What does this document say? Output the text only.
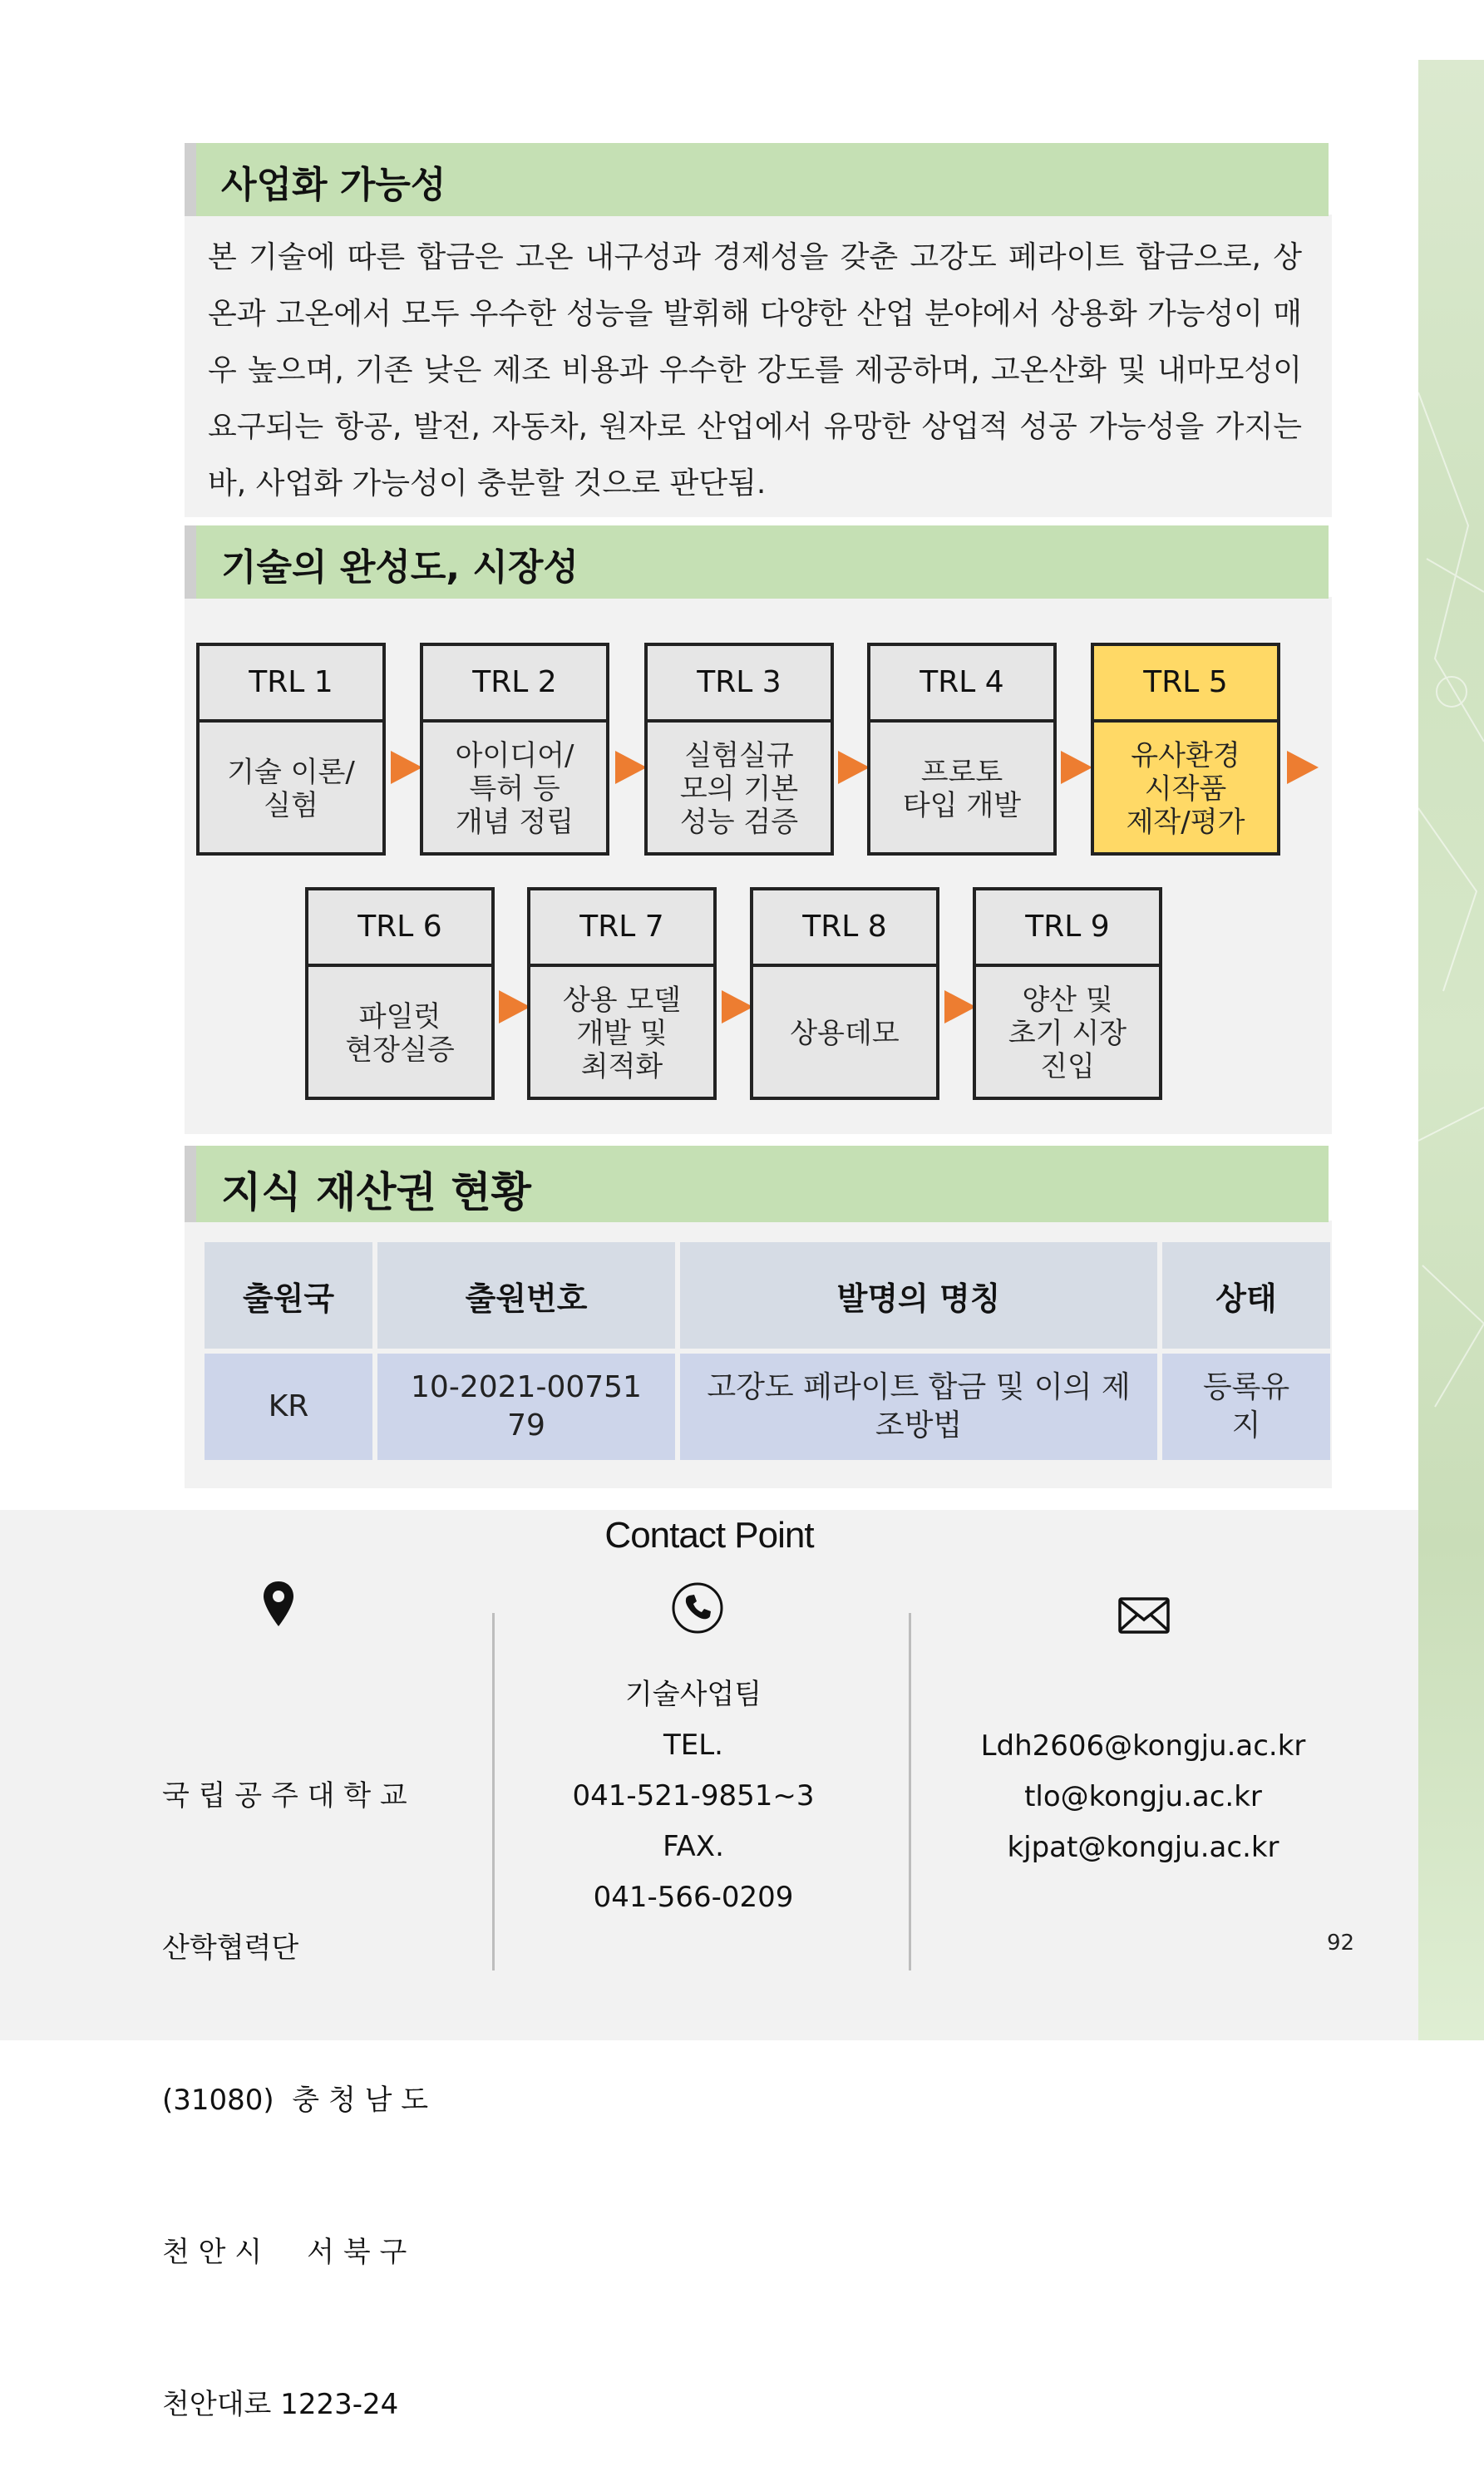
사업화 가능성
본 기술에 따른 합금은 고온 내구성과 경제성을 갖춘 고강도 페라이트 합금으로, 상온과 고온에서 모두 우수한 성능을 발휘해 다양한 산업 분야에서 상용화 가능성이 매우 높으며, 기존 낮은 제조 비용과 우수한 강도를 제공하며, 고온산화 및 내마모성이 요구되는 항공, 발전, 자동차, 원자로 산업에서 유망한 상업적 성공 가능성을 가지는 바, 사업화 가능성이 충분할 것으로 판단됨.
기술의 완성도, 시장성
TRL 1
기술 이론/
실험
TRL 2
아이디어/
특허 등
개념 정립
TRL 3
실험실규
모의 기본
성능 검증
TRL 4
프로토
타입 개발
TRL 5
유사환경
시작품
제작/평가
TRL 6
파일럿
현장실증
TRL 7
상용 모델
개발 및
최적화
TRL 8
상용데모
TRL 9
양산 및
초기 시장
진입
지식 재산권 현황
출원국	출원번호	발명의 명칭	상태
KR	10-2021-0075179	고강도 페라이트 합금 및 이의 제조방법	등록유지
Contact Point

국 립 공 주 대 학 교

산학협력단

(31080)  충 청 남 도

천 안 시     서 북 구

천안대로 1223-24

기술사업팀
TEL.
041-521-9851~3
FAX.
041-566-0209
Ldh2606@kongju.ac.kr
tlo@kongju.ac.kr
kjpat@kongju.ac.kr
92
